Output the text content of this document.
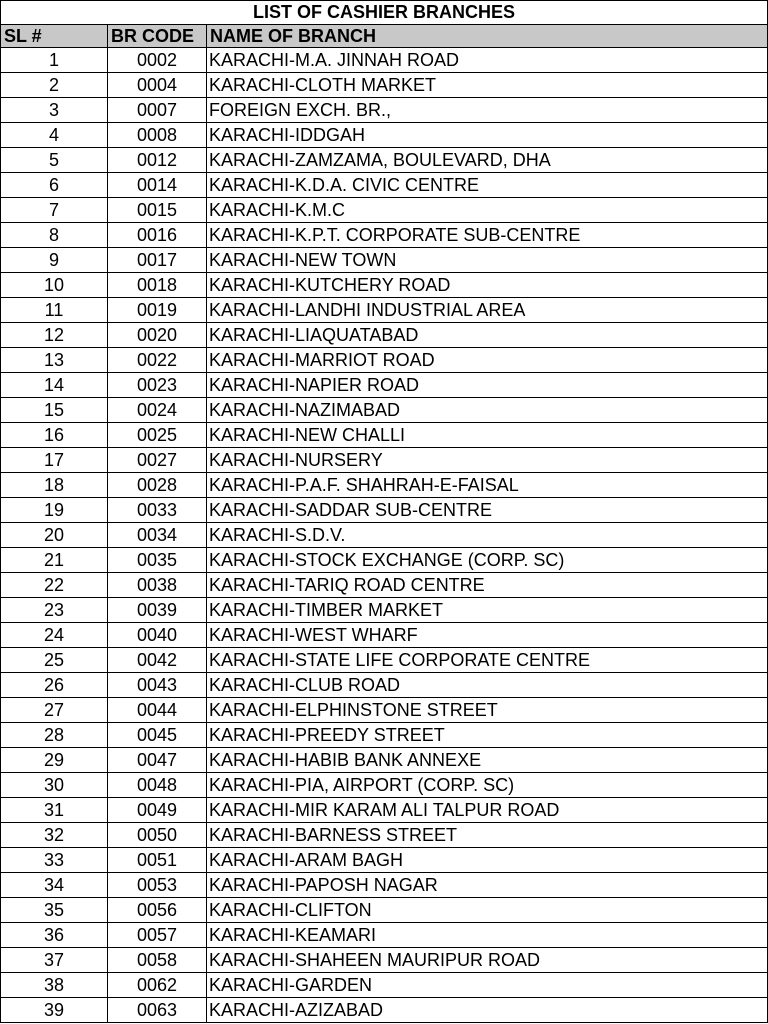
LIST OF CASHIER BRANCHES		
SL #	BR CODE	NAME OF BRANCH
1	0002	KARACHI-M.A. JINNAH ROAD
2	0004	KARACHI-CLOTH MARKET
3	0007	FOREIGN EXCH. BR.,
4	0008	KARACHI-IDDGAH
5	0012	KARACHI-ZAMZAMA, BOULEVARD, DHA
6	0014	KARACHI-K.D.A. CIVIC CENTRE
7	0015	KARACHI-K.M.C
8	0016	KARACHI-K.P.T. CORPORATE SUB-CENTRE
9	0017	KARACHI-NEW TOWN
10	0018	KARACHI-KUTCHERY ROAD
11	0019	KARACHI-LANDHI INDUSTRIAL AREA
12	0020	KARACHI-LIAQUATABAD
13	0022	KARACHI-MARRIOT ROAD
14	0023	KARACHI-NAPIER ROAD
15	0024	KARACHI-NAZIMABAD
16	0025	KARACHI-NEW CHALLI
17	0027	KARACHI-NURSERY
18	0028	KARACHI-P.A.F. SHAHRAH-E-FAISAL
19	0033	KARACHI-SADDAR SUB-CENTRE
20	0034	KARACHI-S.D.V.
21	0035	KARACHI-STOCK EXCHANGE (CORP. SC)
22	0038	KARACHI-TARIQ ROAD CENTRE
23	0039	KARACHI-TIMBER MARKET
24	0040	KARACHI-WEST WHARF
25	0042	KARACHI-STATE LIFE CORPORATE CENTRE
26	0043	KARACHI-CLUB ROAD
27	0044	KARACHI-ELPHINSTONE STREET
28	0045	KARACHI-PREEDY STREET
29	0047	KARACHI-HABIB BANK ANNEXE
30	0048	KARACHI-PIA, AIRPORT (CORP. SC)
31	0049	KARACHI-MIR KARAM ALI TALPUR ROAD
32	0050	KARACHI-BARNESS STREET
33	0051	KARACHI-ARAM BAGH
34	0053	KARACHI-PAPOSH NAGAR
35	0056	KARACHI-CLIFTON
36	0057	KARACHI-KEAMARI
37	0058	KARACHI-SHAHEEN MAURIPUR ROAD
38	0062	KARACHI-GARDEN
39	0063	KARACHI-AZIZABAD
